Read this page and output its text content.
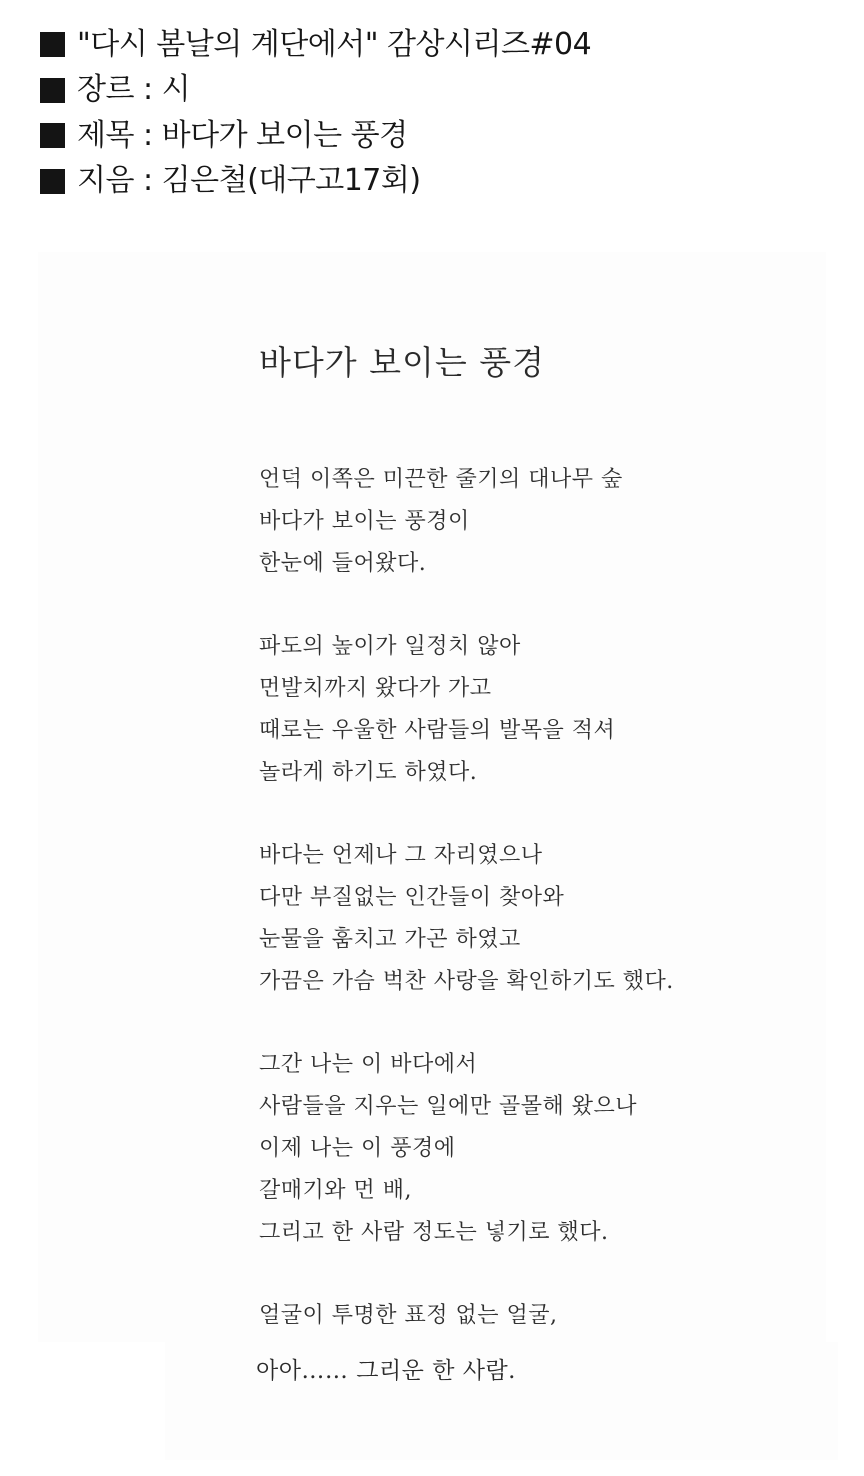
"다시 봄날의 계단에서" 감상시리즈#04
장르 : 시
제목 : 바다가 보이는 풍경
지음 : 김은철(대구고17회)
바다가 보이는 풍경
언덕 이쪽은 미끈한 줄기의 대나무 숲
바다가 보이는 풍경이
한눈에 들어왔다.
파도의 높이가 일정치 않아
먼발치까지 왔다가 가고
때로는 우울한 사람들의 발목을 적셔
놀라게 하기도 하였다.
바다는 언제나 그 자리였으나
다만 부질없는 인간들이 찾아와
눈물을 훔치고 가곤 하였고
가끔은 가슴 벅찬 사랑을 확인하기도 했다.
그간 나는 이 바다에서
사람들을 지우는 일에만 골몰해 왔으나
이제 나는 이 풍경에
갈매기와 먼 배,
그리고 한 사람 정도는 넣기로 했다.
얼굴이 투명한 표정 없는 얼굴,
아아…… 그리운 한 사람.
